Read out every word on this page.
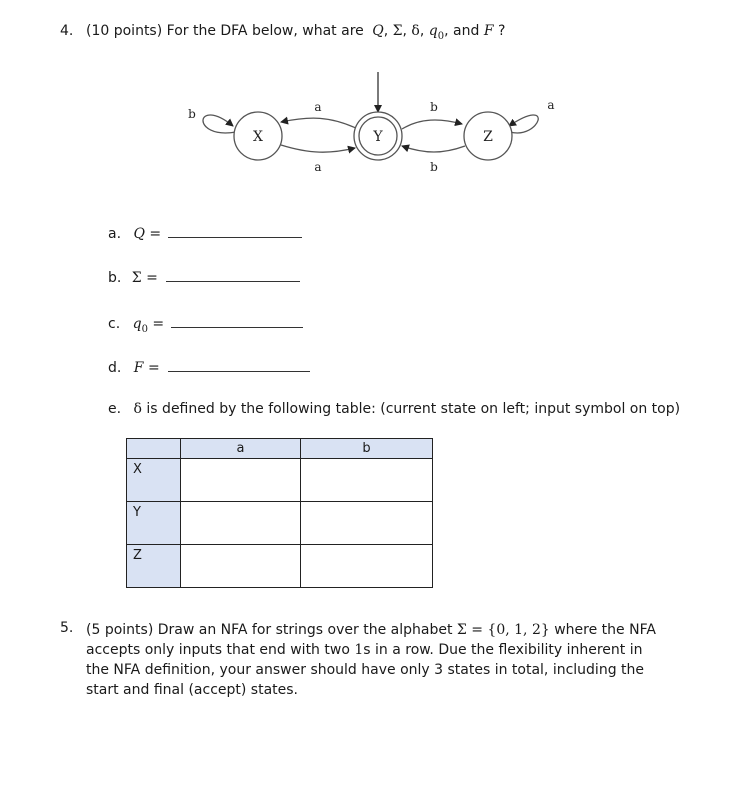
4. (10 points) For the DFA below, what are Q, Σ, δ, $q_0$, and F ?
X	Y	Z
b	a
a
b
b
a
a. Q =
b. Σ =
c. $q_0$ =
d. F =
e. δ is defined by the following table: (current state on left; input symbol on top)
	a	b
X		
Y		
Z		
5. (5 points) Draw an NFA for strings over the alphabet Σ = {0, 1, 2} where the NFA accepts only inputs that end with two 1s in a row. Due the flexibility inherent in the NFA definition, your answer should have only 3 states in total, including the start and final (accept) states.
